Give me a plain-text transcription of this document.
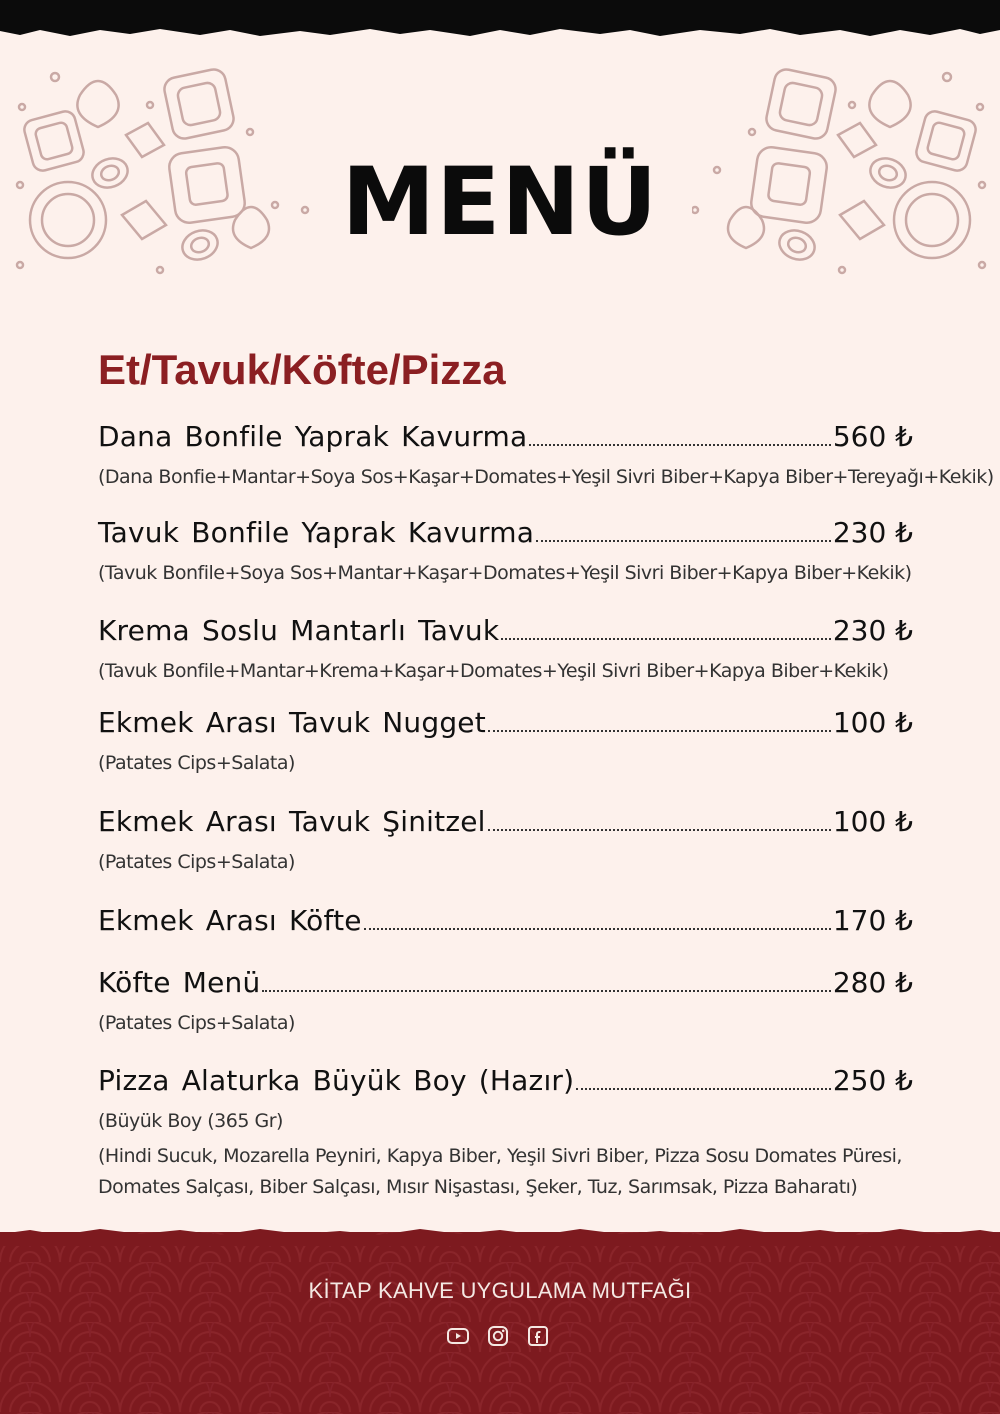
MENÜ
Et/Tavuk/Köfte/Pizza
Dana Bonfile Yaprak Kavurma	560 ₺
(Dana Bonfie+Mantar+Soya Sos+Kaşar+Domates+Yeşil Sivri Biber+Kapya Biber+Tereyağı+Kekik)
Tavuk Bonfile Yaprak Kavurma	230 ₺
(Tavuk Bonfile+Soya Sos+Mantar+Kaşar+Domates+Yeşil Sivri Biber+Kapya Biber+Kekik)
Krema Soslu Mantarlı Tavuk	230 ₺
(Tavuk Bonfile+Mantar+Krema+Kaşar+Domates+Yeşil Sivri Biber+Kapya Biber+Kekik)
Ekmek Arası Tavuk Nugget	100 ₺
(Patates Cips+Salata)
Ekmek Arası Tavuk Şinitzel	100 ₺
(Patates Cips+Salata)
Ekmek Arası Köfte	170 ₺
Köfte Menü	280 ₺
(Patates Cips+Salata)
Pizza Alaturka Büyük Boy (Hazır)	250 ₺
(Büyük Boy (365 Gr)
(Hindi Sucuk, Mozarella Peyniri, Kapya Biber, Yeşil Sivri Biber, Pizza Sosu Domates Püresi,
Domates Salçası, Biber Salçası, Mısır Nişastası, Şeker, Tuz, Sarımsak, Pizza Baharatı)
KİTAP KAHVE UYGULAMA MUTFAĞI
